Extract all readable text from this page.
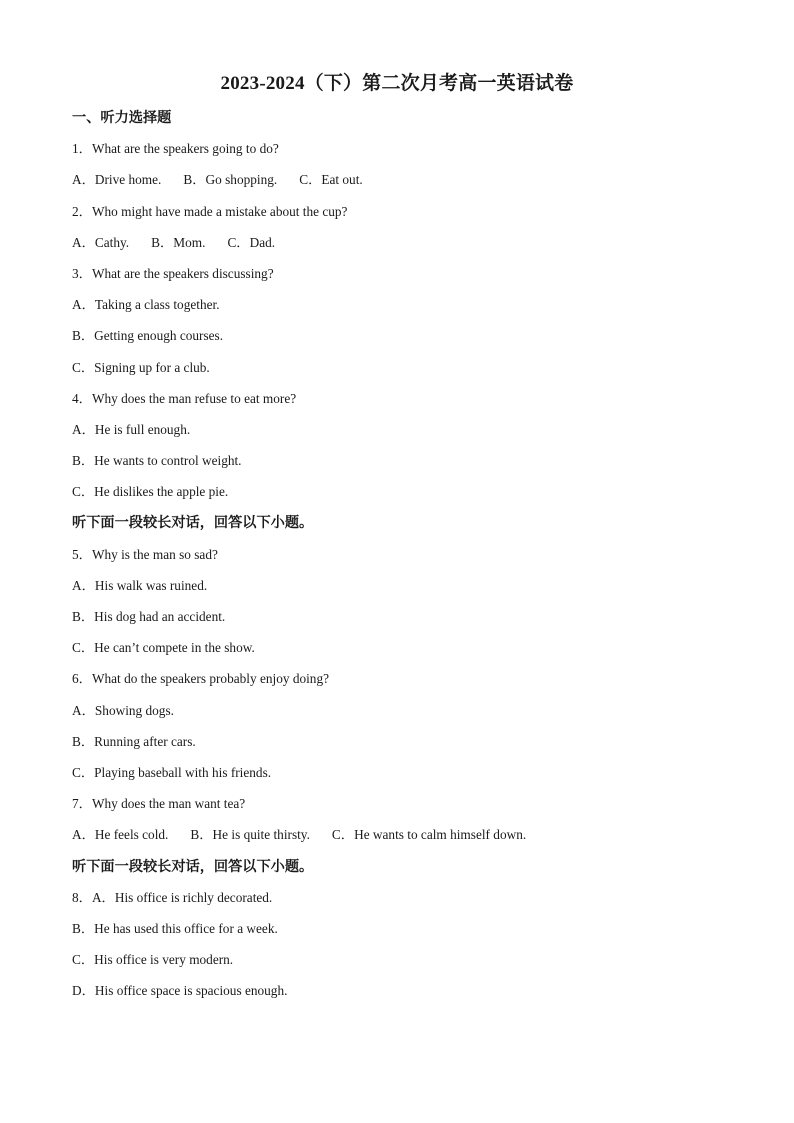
2023-2024（下）第二次月考高一英语试卷
一、听力选择题
1．What are the speakers going to do?
A．Drive home. B．Go shopping. C．Eat out.
2．Who might have made a mistake about the cup?
A．Cathy. B．Mom. C．Dad.
3．What are the speakers discussing?
A．Taking a class together.
B．Getting enough courses.
C．Signing up for a club.
4．Why does the man refuse to eat more?
A．He is full enough.
B．He wants to control weight.
C．He dislikes the apple pie.
听下面一段较长对话，回答以下小题。
5．Why is the man so sad?
A．His walk was ruined.
B．His dog had an accident.
C．He can’t compete in the show.
6．What do the speakers probably enjoy doing?
A．Showing dogs.
B．Running after cars.
C．Playing baseball with his friends.
7．Why does the man want tea?
A．He feels cold. B．He is quite thirsty. C．He wants to calm himself down.
听下面一段较长对话，回答以下小题。
8．A．His office is richly decorated.
B．He has used this office for a week.
C．His office is very modern.
D．His office space is spacious enough.
